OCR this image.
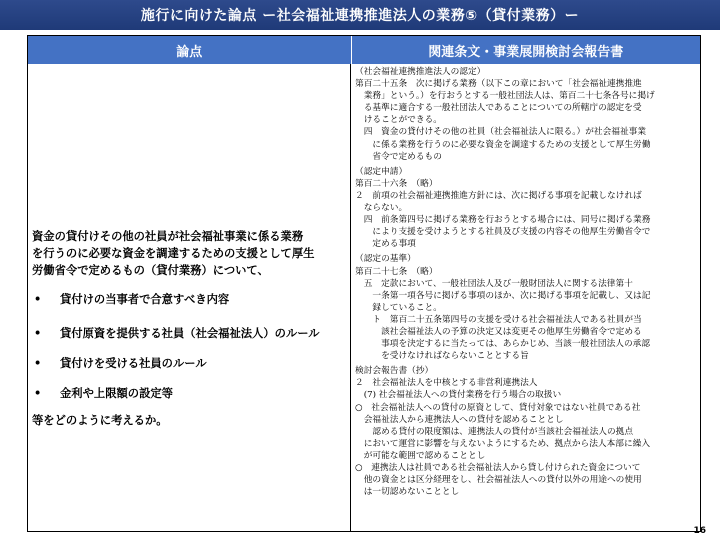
施行に向けた論点 ー社会福祉連携推進法人の業務⑤（貸付業務）ー
論点	関連条文・事業展開検討会報告書
資金の貸付けその他の社員が社会福祉事業に係る業務
を行うのに必要な資金を調達するための支援として厚生
労働省令で定めるもの（貸付業務）について、
•	貸付けの当事者で合意すべき内容
•	貸付原資を提供する社員（社会福祉法人）のルール
•	貸付けを受ける社員のルール
•	金利や上限額の設定等
等をどのように考えるか。
（社会福祉連携推進法人の認定）
第百二十五条　次に掲げる業務（以下この章において「社会福祉連携推進
　業務」という。）を行おうとする一般社団法人は、第百二十七条各号に掲げ
　る基準に適合する一般社団法人であることについての所轄庁の認定を受
　けることができる。
　四　資金の貸付けその他の社員（社会福祉法人に限る。）が社会福祉事業
　　に係る業務を行うのに必要な資金を調達するための支援として厚生労働
　　省令で定めるもの
（認定申請）
第百二十六条　（略）
２　前項の社会福祉連携推進方針には、次に掲げる事項を記載しなければ
　ならない。
　四　前条第四号に掲げる業務を行おうとする場合には、同号に掲げる業務
　　により支援を受けようとする社員及び支援の内容その他厚生労働省令で
　　定める事項
（認定の基準）
第百二十七条　（略）
　五　定款において、一般社団法人及び一般財団法人に関する法律第十
　　一条第一項各号に掲げる事項のほか、次に掲げる事項を記載し、又は記
　　録していること。
　　ト　第百二十五条第四号の支援を受ける社会福祉法人である社員が当
　　　該社会福祉法人の予算の決定又は変更その他厚生労働省令で定める
　　　事項を決定するに当たっては、あらかじめ、当該一般社団法人の承認
　　　を受けなければならないこととする旨
検討会報告書（抄）
２　社会福祉法人を中核とする非営利連携法人
　(7) 社会福祉法人への貸付業務を行う場合の取扱い
○　社会福祉法人への貸付の原資として、貸付対象ではない社員である社
　会福祉法人から連携法人への貸付を認めることとし
　　認める貸付の限度額は、連携法人の貸付が当該社会福祉法人の拠点
　において運営に影響を与えないようにするため、拠点から法人本部に繰入
　が可能な範囲で認めることとし
○　連携法人は社員である社会福祉法人から貸し付けられた資金について
　他の資金とは区分経理をし、社会福祉法人への貸付以外の用途への使用
　は一切認めないこととし
16
